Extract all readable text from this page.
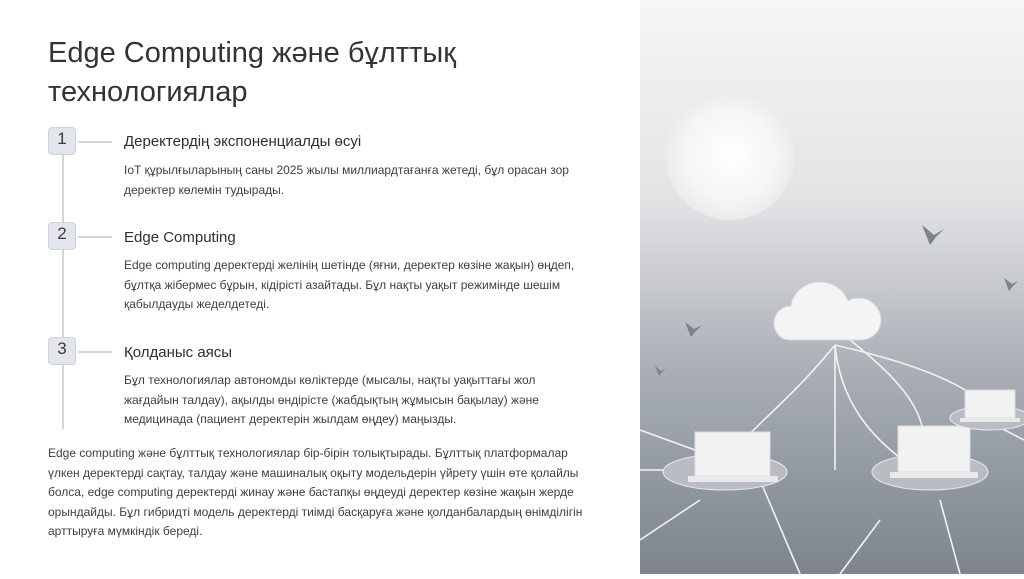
Edge Computing және бұлттық технологиялар
1	Деректердің экспоненциалды өсуі
IoT құрылғыларының саны 2025 жылы миллиардтағанға жетеді, бұл орасан зор деректер көлемін тудырады.
2	Edge Computing
Edge computing деректерді желінің шетінде (яғни, деректер көзіне жақын) өңдеп, бұлтқа жібермес бұрын, кідірісті азайтады. Бұл нақты уақыт режимінде шешім қабылдауды жеделдетеді.
3	Қолданыс аясы
Бұл технологиялар автономды көліктерде (мысалы, нақты уақыттағы жол жағдайын талдау), ақылды өндірісте (жабдықтың жұмысын бақылау) және медицинада (пациент деректерін жылдам өңдеу) маңызды.
Edge computing және бұлттық технологиялар бір-бірін толықтырады. Бұлттық платформалар үлкен деректерді сақтау, талдау және машиналық оқыту модельдерін үйрету үшін өте қолайлы болса, edge computing деректерді жинау және бастапқы өңдеуді деректер көзіне жақын жерде орындайды. Бұл гибридті модель деректерді тиімді басқаруға және қолданбалардың өнімділігін арттыруға мүмкіндік береді.
